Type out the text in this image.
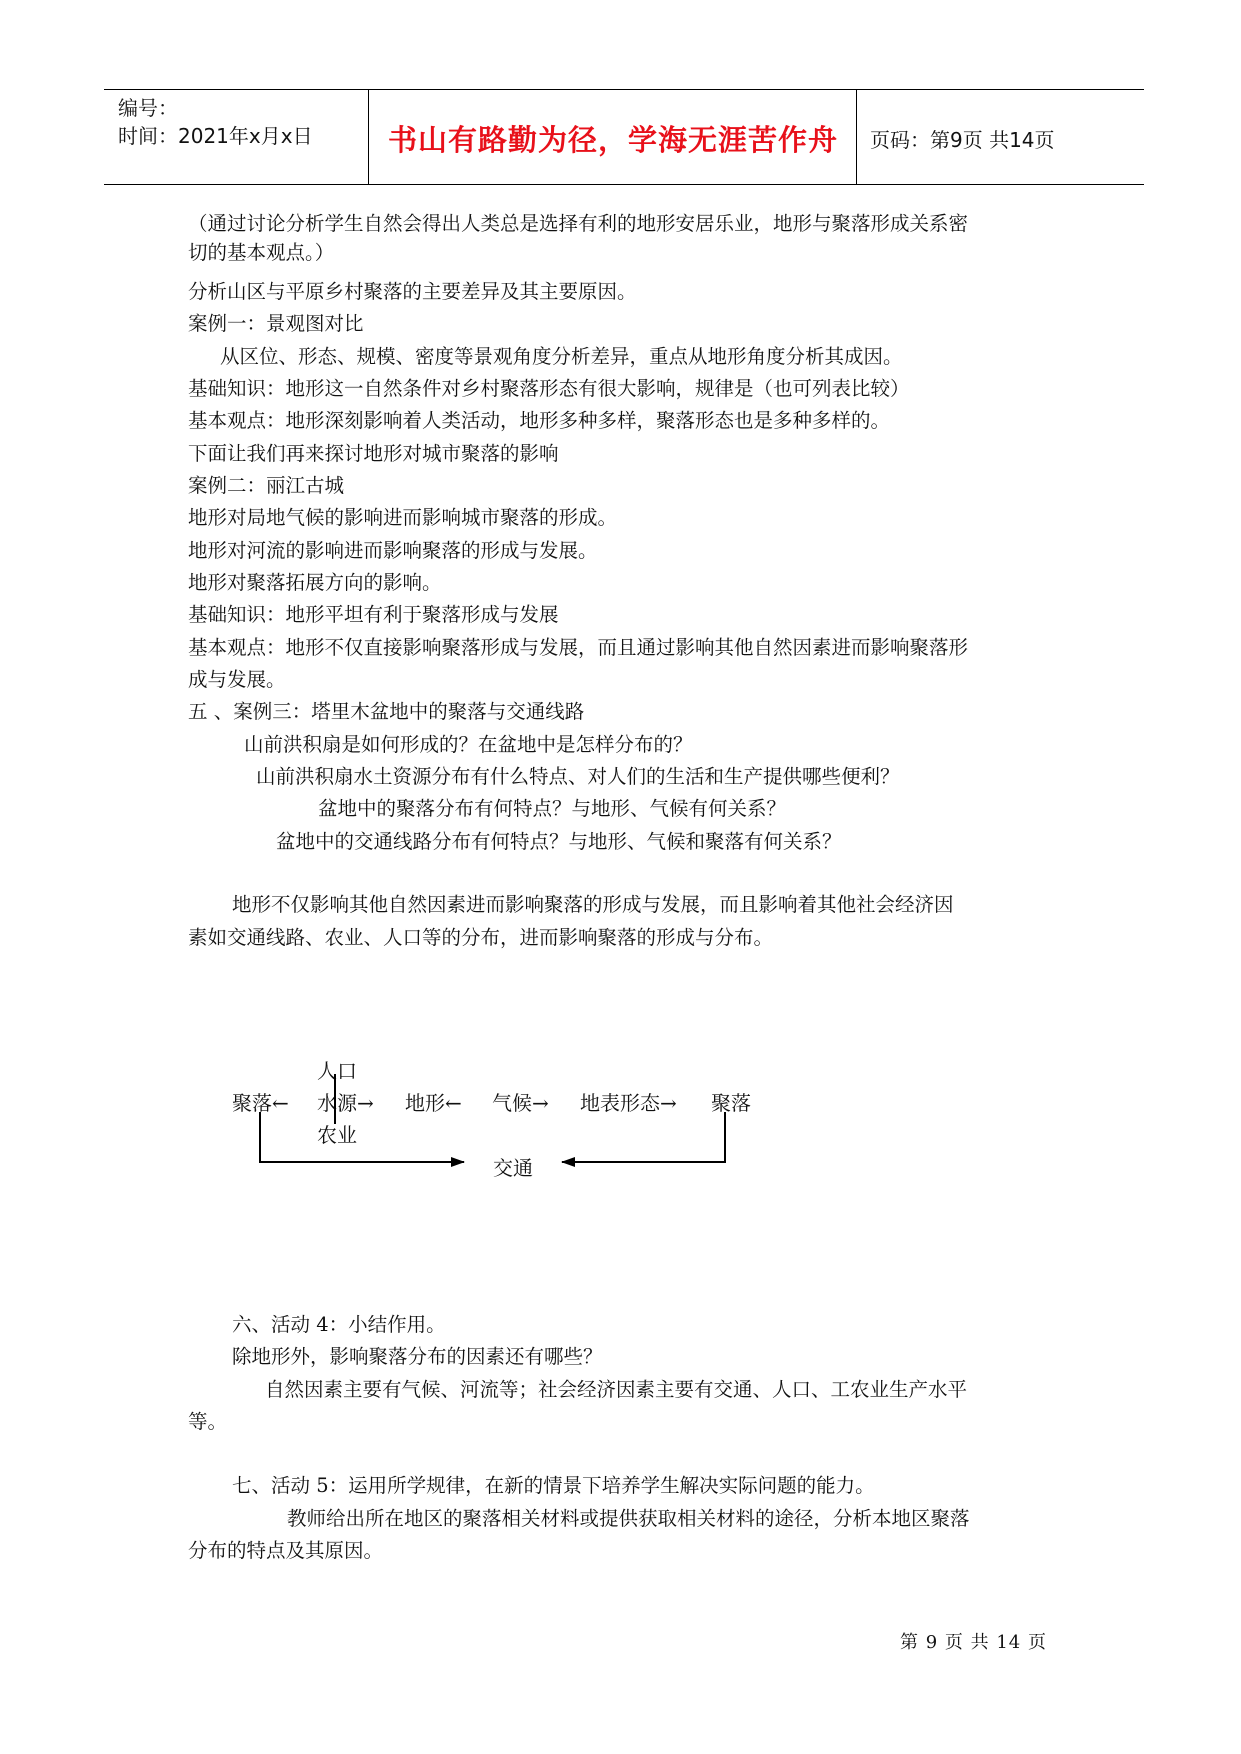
编号：
时间：2021年x月x日	书山有路勤为径，学海无涯苦作舟	页码：第9页 共14页
（通过讨论分析学生自然会得出人类总是选择有利的地形安居乐业，地形与聚落形成关系密
切的基本观点。）
分析山区与平原乡村聚落的主要差异及其主要原因。
案例一：景观图对比
从区位、形态、规模、密度等景观角度分析差异，重点从地形角度分析其成因。
基础知识：地形这一自然条件对乡村聚落形态有很大影响，规律是（也可列表比较）
基本观点：地形深刻影响着人类活动，地形多种多样，聚落形态也是多种多样的。
下面让我们再来探讨地形对城市聚落的影响
案例二：丽江古城
地形对局地气候的影响进而影响城市聚落的形成。
地形对河流的影响进而影响聚落的形成与发展。
地形对聚落拓展方向的影响。
基础知识：地形平坦有利于聚落形成与发展
基本观点：地形不仅直接影响聚落形成与发展，而且通过影响其他自然因素进而影响聚落形
成与发展。
五 、案例三：塔里木盆地中的聚落与交通线路
山前洪积扇是如何形成的？在盆地中是怎样分布的？
山前洪积扇水土资源分布有什么特点、对人们的生活和生产提供哪些便利？
盆地中的聚落分布有何特点？与地形、气候有何关系？
盆地中的交通线路分布有何特点？与地形、气候和聚落有何关系？
地形不仅影响其他自然因素进而影响聚落的形成与发展，而且影响着其他社会经济因
素如交通线路、农业、人口等的分布，进而影响聚落的形成与分布。
人口
聚落← 水源→ 地形← 气候→ 地表形态→ 聚落
农业
交通
六、活动 4：小结作用。
除地形外，影响聚落分布的因素还有哪些？
自然因素主要有气候、河流等；社会经济因素主要有交通、人口、工农业生产水平
等。
七、活动 5：运用所学规律，在新的情景下培养学生解决实际问题的能力。
教师给出所在地区的聚落相关材料或提供获取相关材料的途径，分析本地区聚落
分布的特点及其原因。
第 9 页 共 14 页
